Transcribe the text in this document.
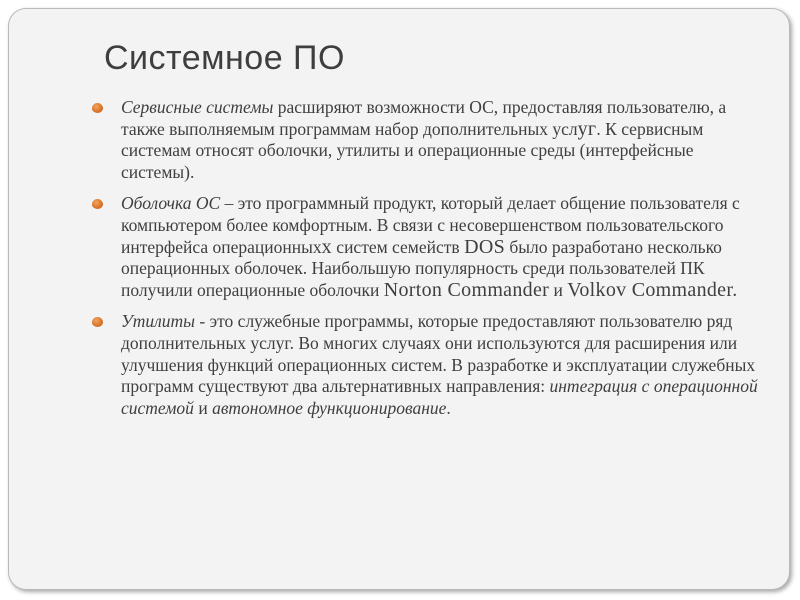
Системное ПО

Сервисные системы расширяют возможности ОС, предоставляя пользователю, а также выполняемым программам набор дополнительных услуг. К сервисным системам относят оболочки, утилиты и операционные среды (интерфейсные системы).

Оболочка ОС – это программный продукт, который делает общение пользователя с компьютером более комфортным. В связи с несовершенством пользовательского интерфейса операционныхх систем семейств DOS было разработано несколько операционных оболочек. Наибольшую популярность среди пользователей ПК получили операционные оболочки Norton Commander и Volkov Commander.

Утилиты - это служебные программы, которые предоставляют пользователю ряд дополнительных услуг. Во многих случаях они используются для расширения или улучшения функций операционных систем. В разработке и эксплуатации служебных программ существуют два альтернативных направления: интеграция с операционной системой и автономное функционирование.
